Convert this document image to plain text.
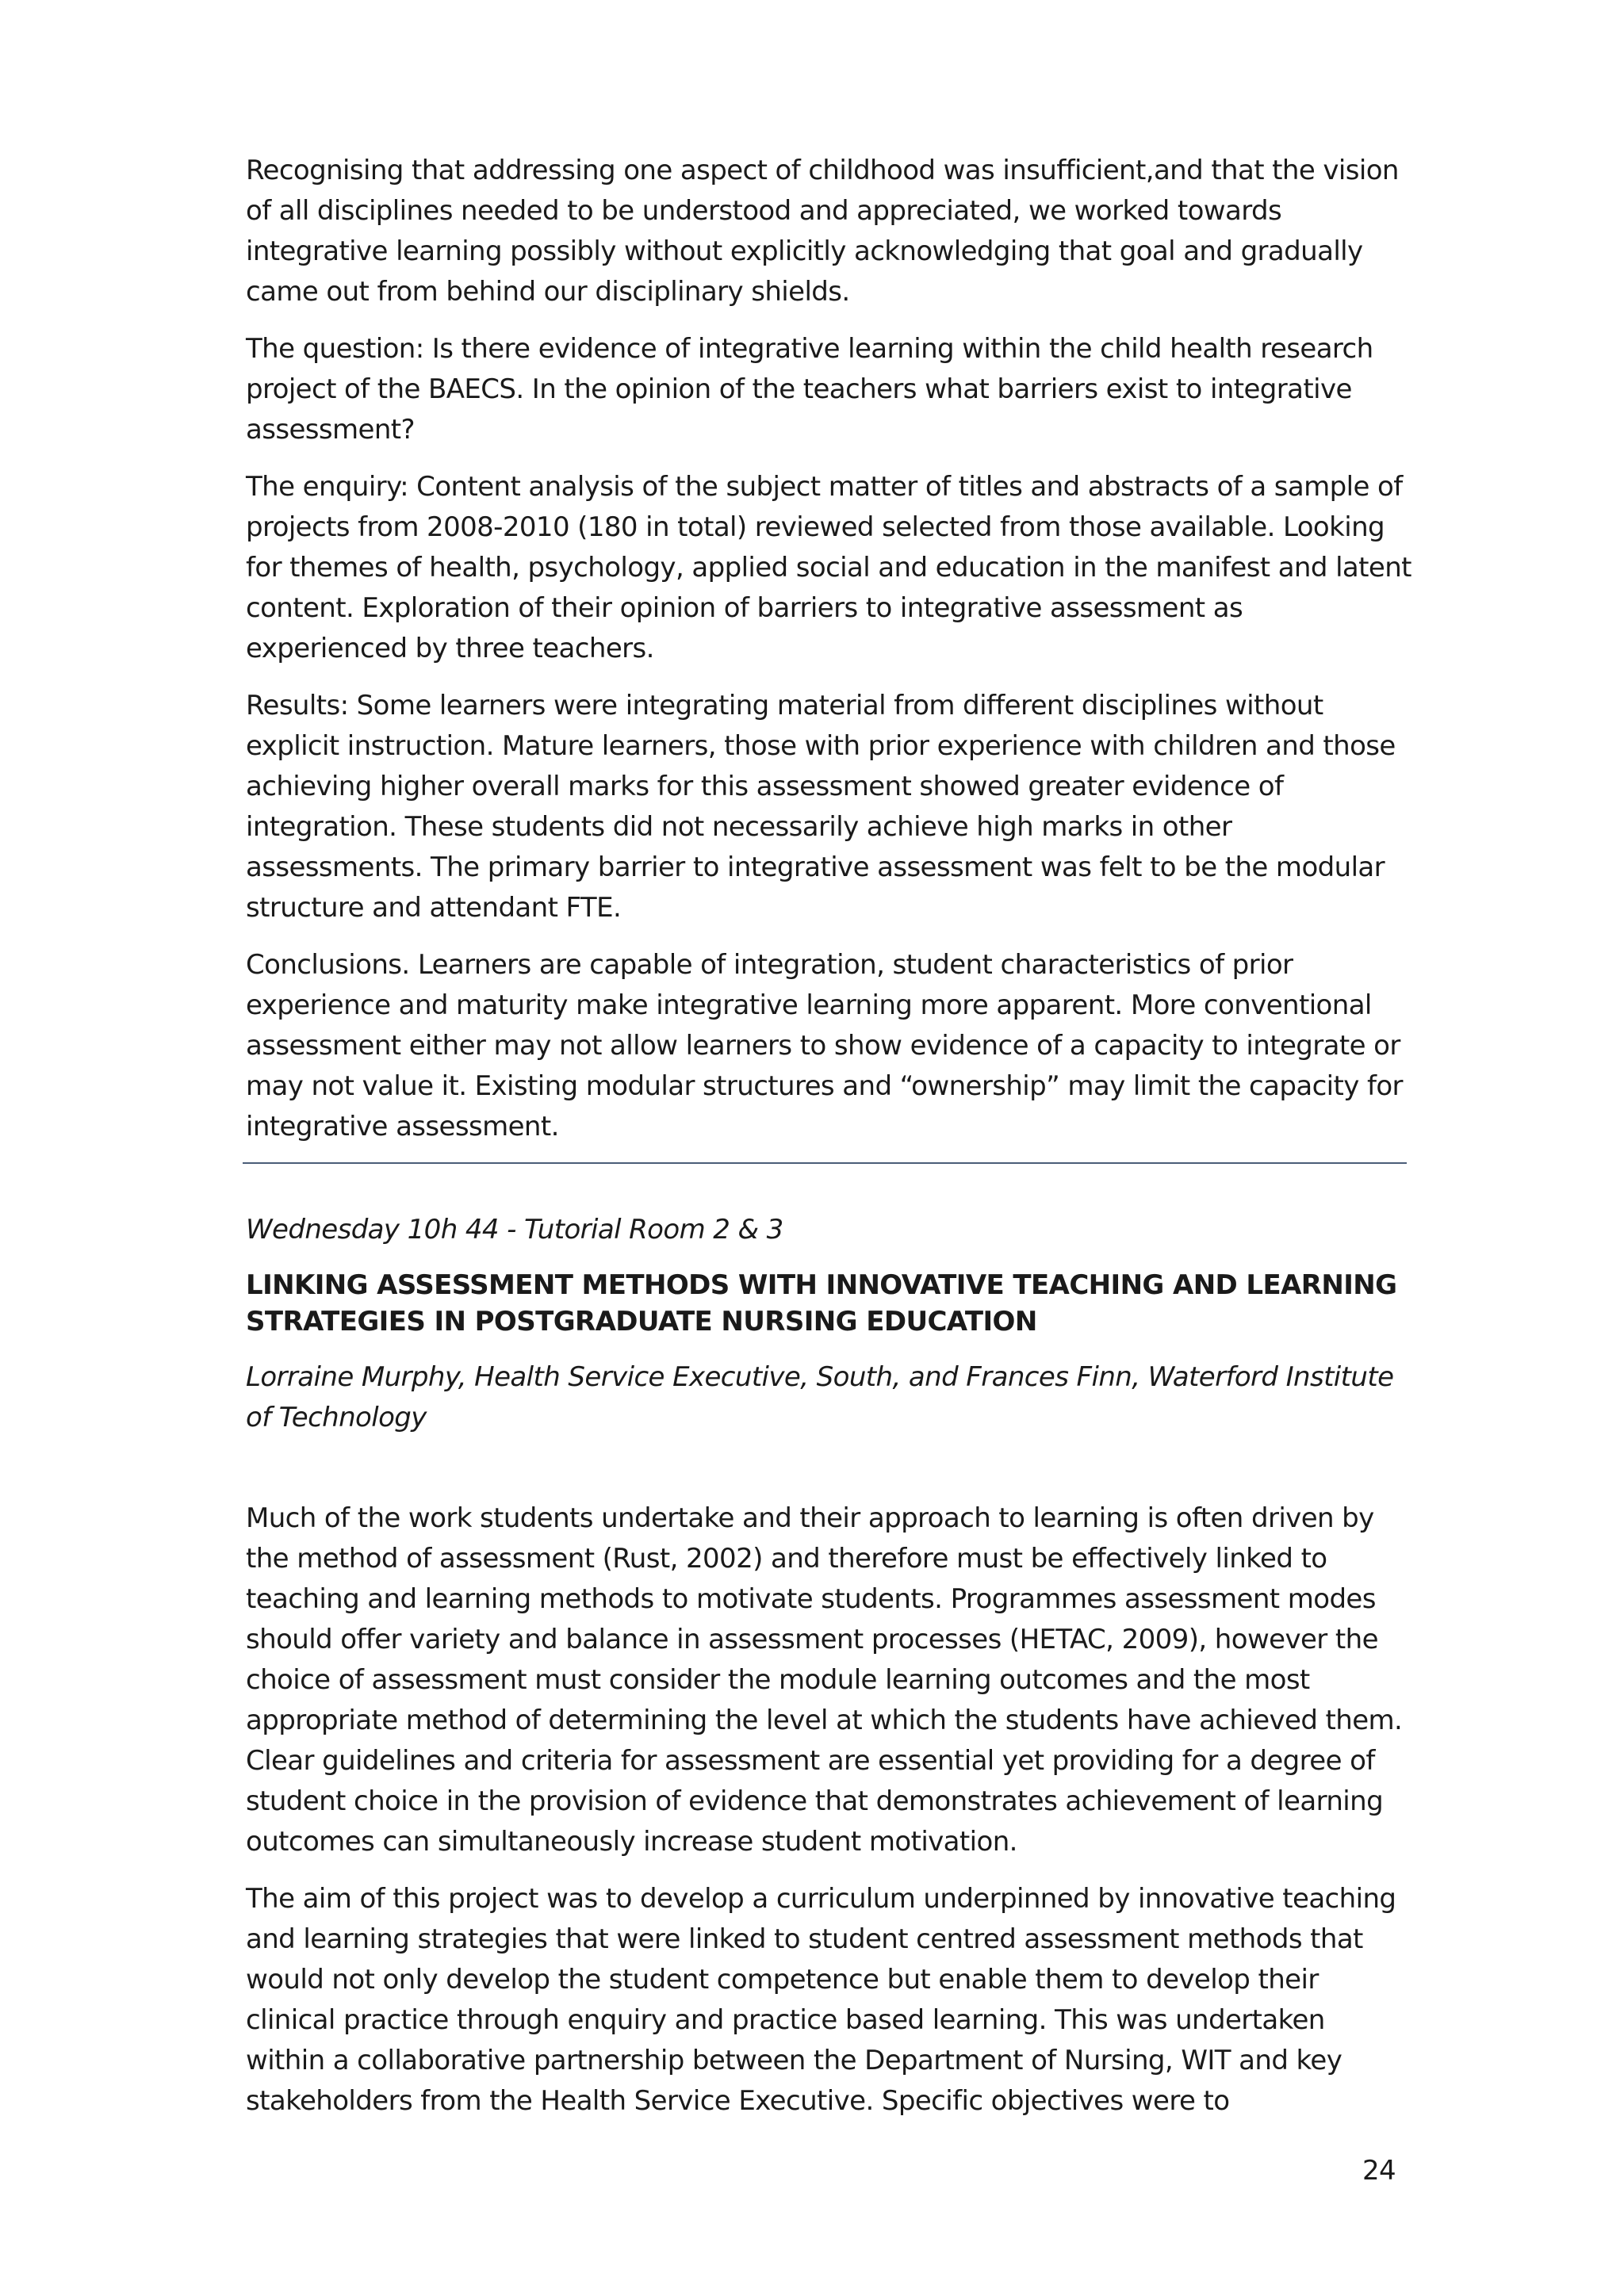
Recognising that addressing one aspect of childhood was insufficient,and that the vision of all disciplines needed to be understood and appreciated, we worked towards integrative learning possibly without explicitly acknowledging that goal and gradually came out from behind our disciplinary shields.

The question: Is there evidence of integrative learning within the child health research project of the BAECS. In the opinion of the teachers what barriers exist to integrative assessment?

The enquiry: Content analysis of the subject matter of titles and abstracts of a sample of projects from 2008-2010 (180 in total) reviewed selected from those available. Looking for themes of health, psychology, applied social and education in the manifest and latent content. Exploration of their opinion of barriers to integrative assessment as experienced by three teachers.

Results: Some learners were integrating material from different disciplines without explicit instruction. Mature learners, those with prior experience with children and those achieving higher overall marks for this assessment showed greater evidence of integration. These students did not necessarily achieve high marks in other assessments. The primary barrier to integrative assessment was felt to be the modular structure and attendant FTE.

Conclusions. Learners are capable of integration, student characteristics of prior experience and maturity make integrative learning more apparent. More conventional assessment either may not allow learners to show evidence of a capacity to integrate or may not value it. Existing modular structures and “ownership” may limit the capacity for integrative assessment.

Wednesday 10h 44 - Tutorial Room 2 & 3

LINKING ASSESSMENT METHODS WITH INNOVATIVE TEACHING AND LEARNING STRATEGIES IN POSTGRADUATE NURSING EDUCATION

Lorraine Murphy, Health Service Executive, South, and Frances Finn, Waterford Institute of Technology

Much of the work students undertake and their approach to learning is often driven by the method of assessment (Rust, 2002) and therefore must be effectively linked to teaching and learning methods to motivate students. Programmes assessment modes should offer variety and balance in assessment processes (HETAC, 2009), however the choice of assessment must consider the module learning outcomes and the most appropriate method of determining the level at which the students have achieved them. Clear guidelines and criteria for assessment are essential yet providing for a degree of student choice in the provision of evidence that demonstrates achievement of learning outcomes can simultaneously increase student motivation.

The aim of this project was to develop a curriculum underpinned by innovative teaching and learning strategies that were linked to student centred assessment methods that would not only develop the student competence but enable them to develop their clinical practice through enquiry and practice based learning. This was undertaken within a collaborative partnership between the Department of Nursing, WIT and key stakeholders from the Health Service Executive. Specific objectives were to

24
